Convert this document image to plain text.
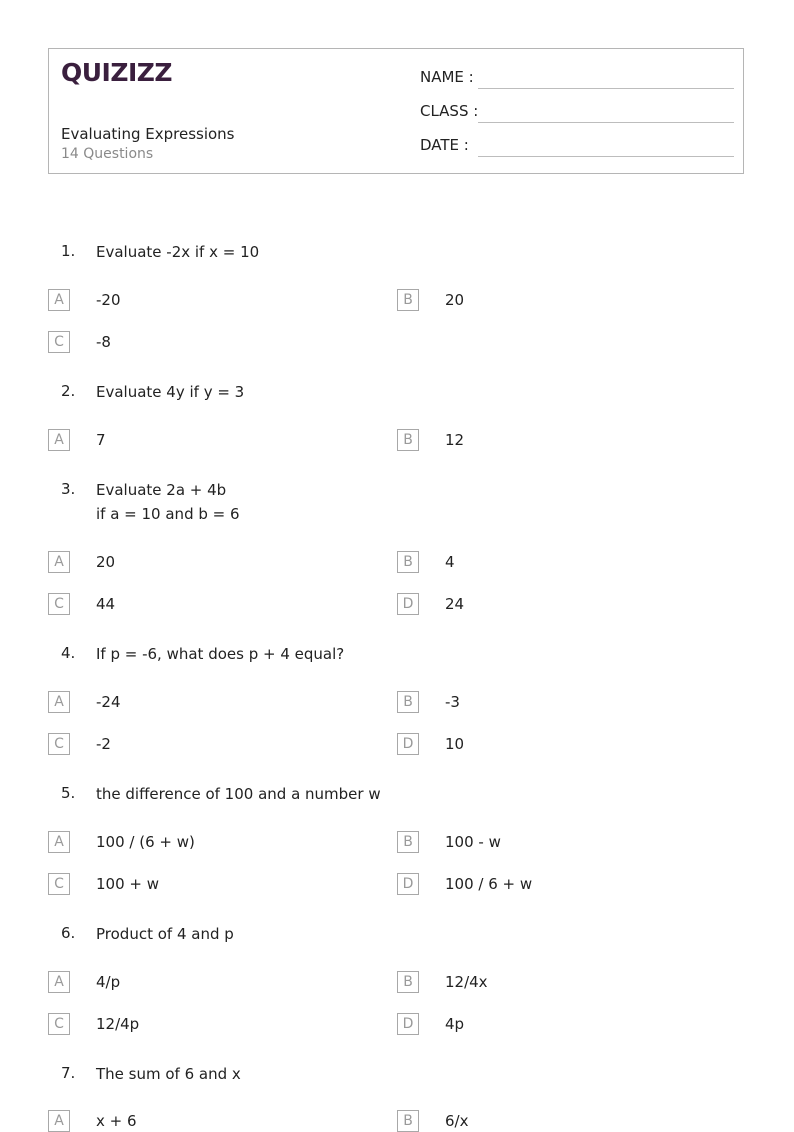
QUIZIZZ
Evaluating Expressions
14 Questions
NAME :
CLASS :
DATE :
1. Evaluate -2x if x = 10
A	-20	B	20
C	-8
2. Evaluate 4y if y = 3
A	7	B	12
3. Evaluate 2a + 4b
if a = 10 and b = 6
A	20	B	4
C	44	D	24
4. If p = -6, what does p + 4 equal?
A	-24	B	-3
C	-2	D	10
5. the difference of 100 and a number w
A	100 / (6 + w)	B	100 - w
C	100 + w	D	100 / 6 + w
6. Product of 4 and p
A	4/p	B	12/4x
C	12/4p	D	4p
7. The sum of 6 and x
A	x + 6	B	6/x
